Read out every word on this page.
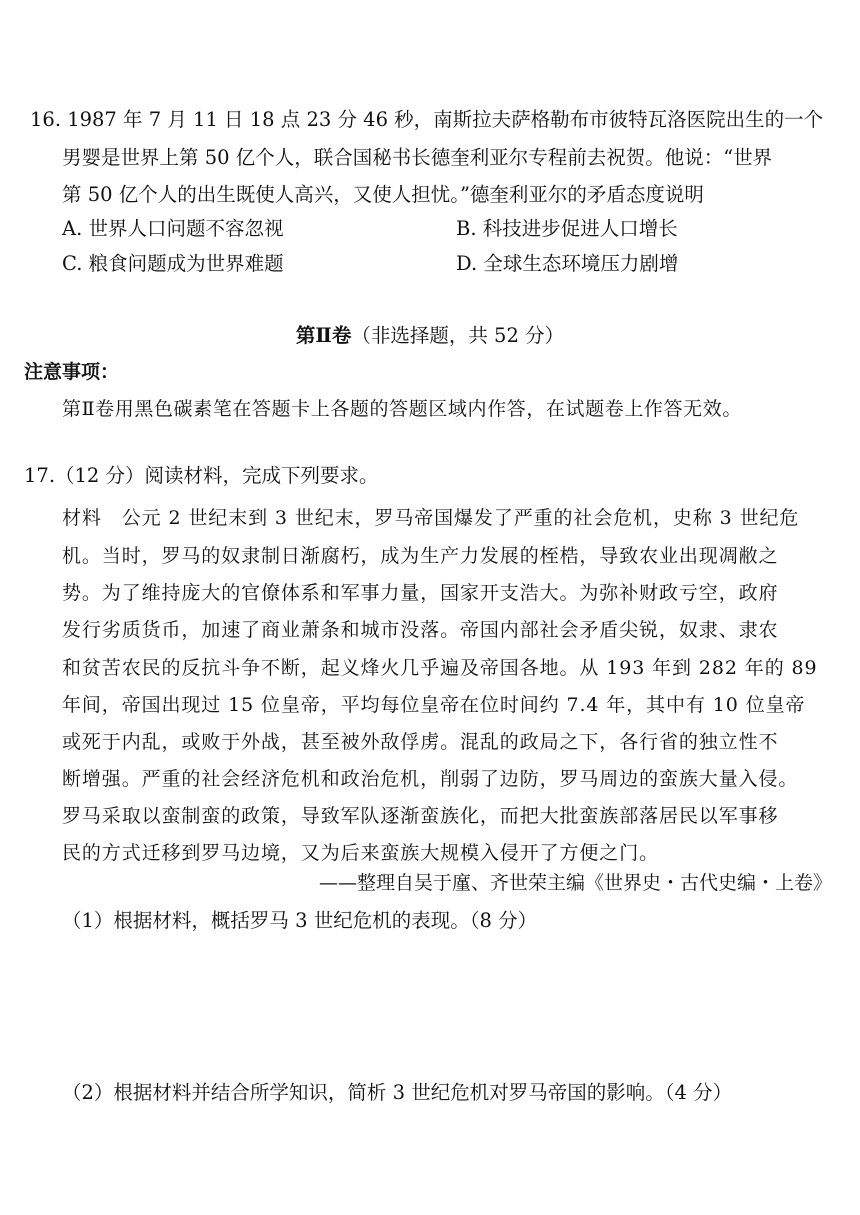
16. 1987 年 7 月 11 日 18 点 23 分 46 秒，南斯拉夫萨格勒布市彼特瓦洛医院出生的一个
男婴是世界上第 50 亿个人，联合国秘书长德奎利亚尔专程前去祝贺。他说：“世界
第 50 亿个人的出生既使人高兴，又使人担忧。”德奎利亚尔的矛盾态度说明
A. 世界人口问题不容忽视	B. 科技进步促进人口增长
C. 粮食问题成为世界难题	D. 全球生态环境压力剧增
第Ⅱ卷（非选择题，共 52 分）
注意事项：
第Ⅱ卷用黑色碳素笔在答题卡上各题的答题区域内作答，在试题卷上作答无效。
17.（12 分）阅读材料，完成下列要求。
材料　公元 2 世纪末到 3 世纪末，罗马帝国爆发了严重的社会危机，史称 3 世纪危
机。当时，罗马的奴隶制日渐腐朽，成为生产力发展的桎梏，导致农业出现凋敝之
势。为了维持庞大的官僚体系和军事力量，国家开支浩大。为弥补财政亏空，政府
发行劣质货币，加速了商业萧条和城市没落。帝国内部社会矛盾尖锐，奴隶、隶农
和贫苦农民的反抗斗争不断，起义烽火几乎遍及帝国各地。从 193 年到 282 年的 89
年间，帝国出现过 15 位皇帝，平均每位皇帝在位时间约 7.4 年，其中有 10 位皇帝
或死于内乱，或败于外战，甚至被外敌俘虏。混乱的政局之下，各行省的独立性不
断增强。严重的社会经济危机和政治危机，削弱了边防，罗马周边的蛮族大量入侵。
罗马采取以蛮制蛮的政策，导致军队逐渐蛮族化，而把大批蛮族部落居民以军事移
民的方式迁移到罗马边境，又为后来蛮族大规模入侵开了方便之门。
——整理自吴于廑、齐世荣主编《世界史・古代史编・上卷》
（1）根据材料，概括罗马 3 世纪危机的表现。（8 分）
（2）根据材料并结合所学知识，简析 3 世纪危机对罗马帝国的影响。（4 分）
